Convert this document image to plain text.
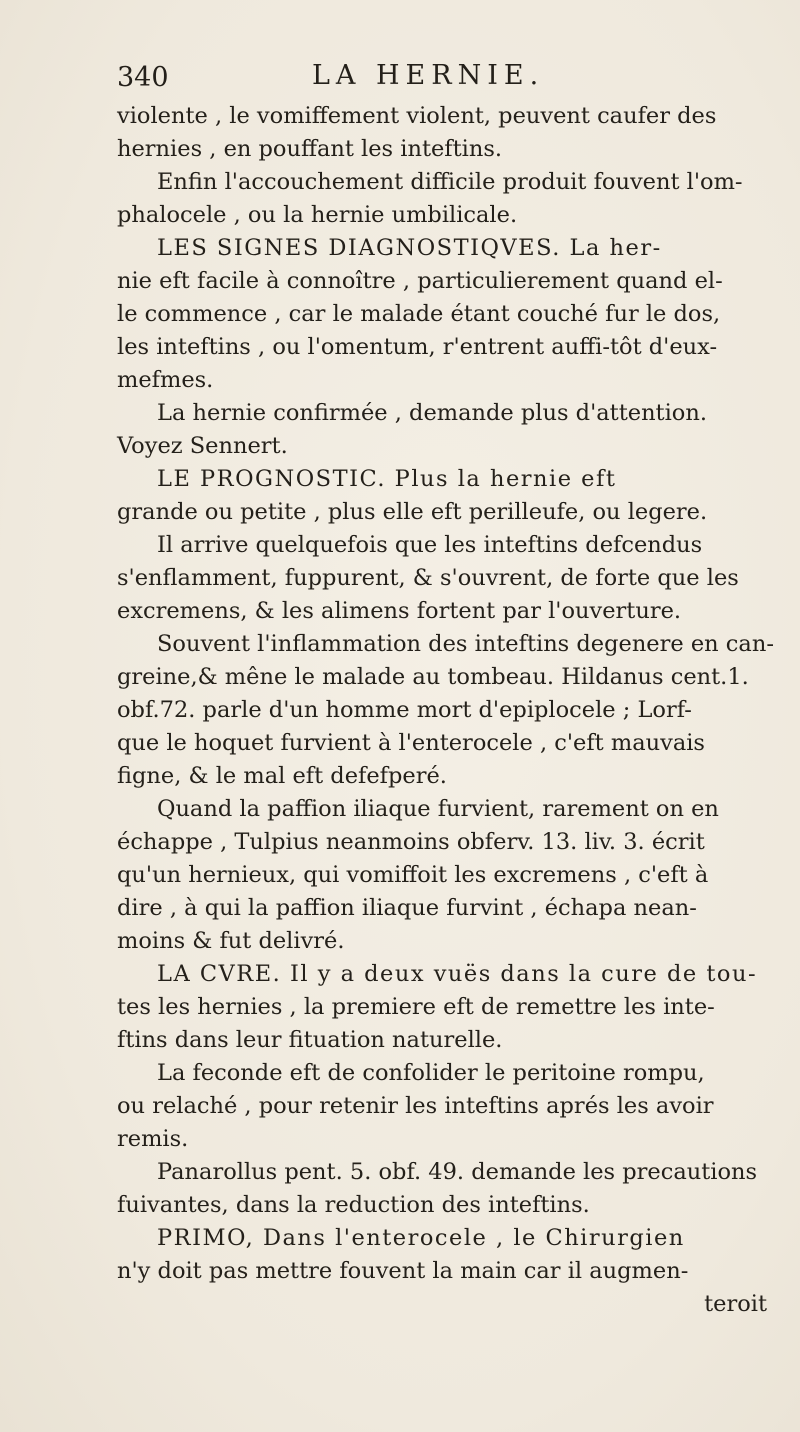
340	LA HERNIE.
violente , le vomiffement violent, peuvent caufer des
hernies , en pouffant les inteftins.
Enfin l'accouchement difficile produit fouvent l'om-
phalocele , ou la hernie umbilicale.
LES SIGNES DIAGNOSTIQVES. La her-
nie eft facile à connoître , particulierement quand el-
le commence , car le malade étant couché fur le dos,
les inteftins , ou l'omentum, r'entrent auffi-tôt d'eux-
mefmes.
La hernie confirmée , demande plus d'attention.
Voyez Sennert.
LE PROGNOSTIC. Plus la hernie eft
grande ou petite , plus elle eft perilleufe, ou legere.
Il arrive quelquefois que les inteftins defcendus
s'enflamment, fuppurent, & s'ouvrent, de forte que les
excremens, & les alimens fortent par l'ouverture.
Souvent l'inflammation des inteftins degenere en can-
greine,& mêne le malade au tombeau. Hildanus cent.1.
obf.72. parle d'un homme mort d'epiplocele ; Lorf-
que le hoquet furvient à l'enterocele , c'eft mauvais
figne, & le mal eft defefperé.
Quand la paffion iliaque furvient, rarement on en
échappe , Tulpius neanmoins obferv. 13. liv. 3. écrit
qu'un hernieux, qui vomiffoit les excremens , c'eft à
dire , à qui la paffion iliaque furvint , échapa nean-
moins & fut delivré.
LA CVRE. Il y a deux vuës dans la cure de tou-
tes les hernies , la premiere eft de remettre les inte-
ftins dans leur fituation naturelle.
La feconde eft de confolider le peritoine rompu,
ou relaché , pour retenir les inteftins aprés les avoir
remis.
Panarollus pent. 5. obf. 49. demande les precautions
fuivantes, dans la reduction des inteftins.
PRIMO, Dans l'enterocele , le Chirurgien
n'y doit pas mettre fouvent la main car il augmen-
teroit
